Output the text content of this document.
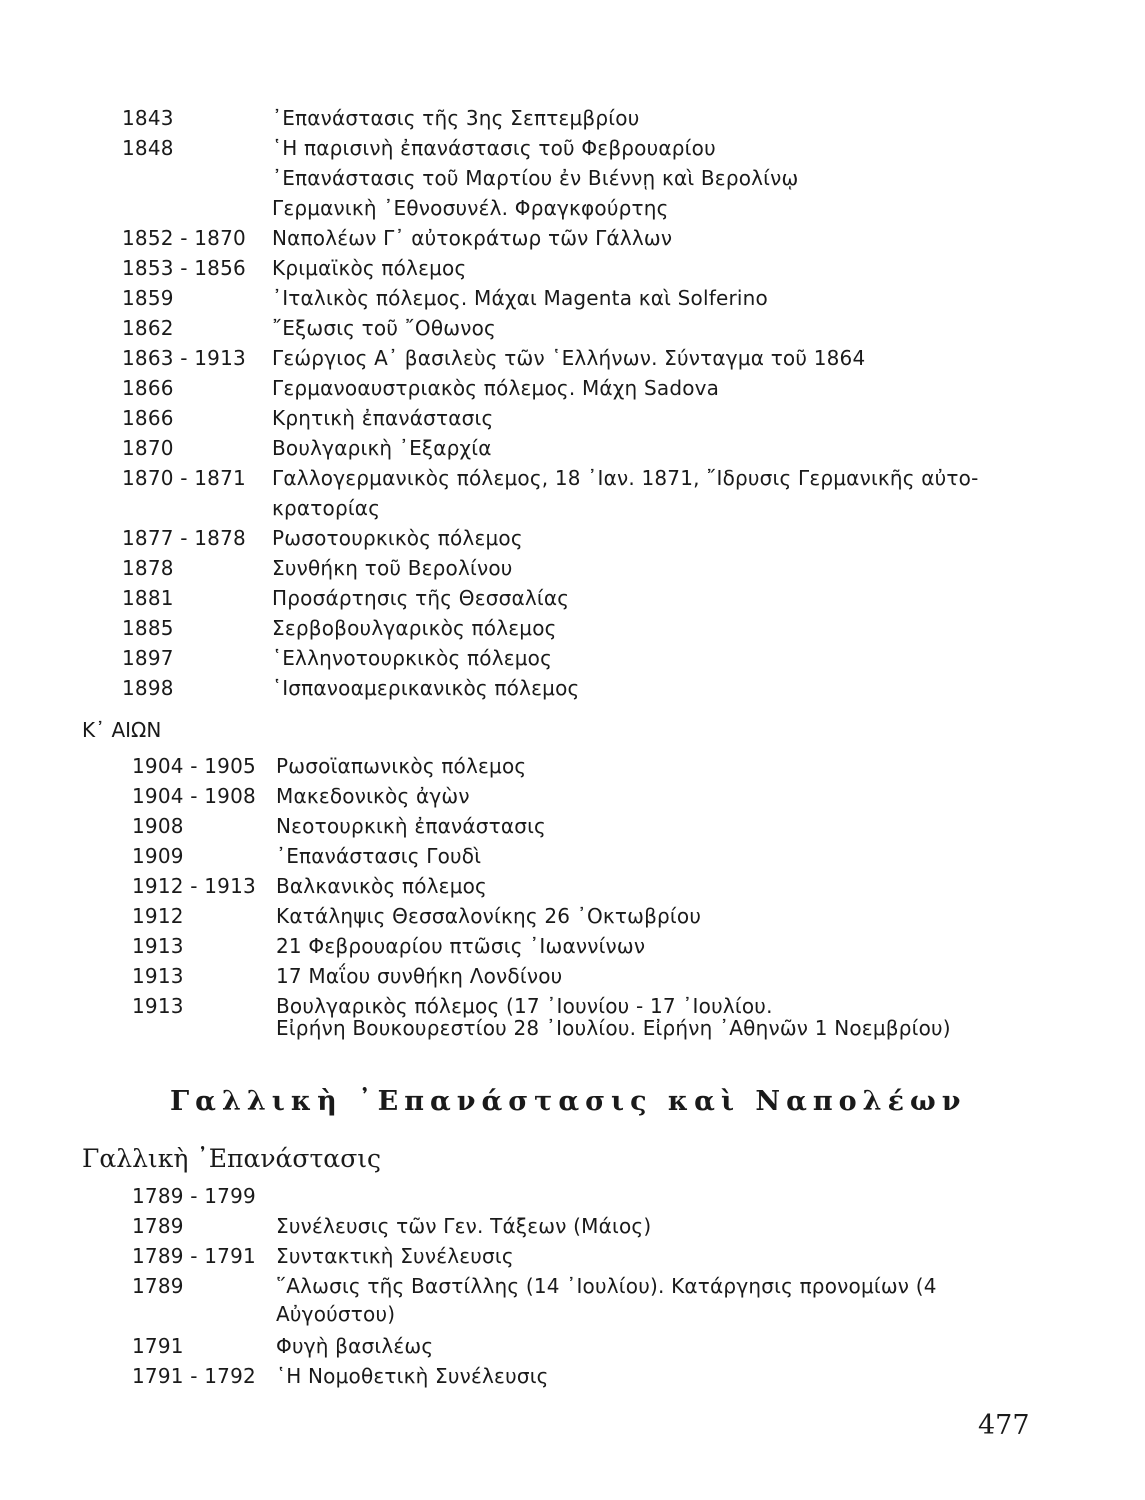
1843	᾽Επανάστασις τῆς 3ης Σεπτεμβρίου
1848	῾Η παρισινὴ ἐπανάστασις τοῦ Φεβρουαρίου
᾽Επανάστασις τοῦ Μαρτίου ἐν Βιέννῃ καὶ Βερολίνῳ
Γερμανικὴ ᾽Εθνοσυνέλ. Φραγκφούρτης
1852 - 1870	Ναπολέων Γ᾽ αὐτοκράτωρ τῶν Γάλλων
1853 - 1856	Κριμαϊκὸς πόλεμος
1859	᾽Ιταλικὸς πόλεμος. Μάχαι Magenta καὶ Solferino
1862	῎Εξωσις τοῦ ῎Οθωνος
1863 - 1913	Γεώργιος Α᾽ βασιλεὺς τῶν ῾Ελλήνων. Σύνταγμα τοῦ 1864
1866	Γερμανοαυστριακὸς πόλεμος. Μάχη Sadova
1866	Κρητικὴ ἐπανάστασις
1870	Βουλγαρικὴ ᾽Εξαρχία
1870 - 1871	Γαλλογερμανικὸς πόλεμος, 18 ᾽Ιαν. 1871, ῎Ιδρυσις Γερμανικῆς αὐτο-
κρατορίας
1877 - 1878	Ρωσοτουρκικὸς πόλεμος
1878	Συνθήκη τοῦ Βερολίνου
1881	Προσάρτησις τῆς Θεσσαλίας
1885	Σερβοβουλγαρικὸς πόλεμος
1897	῾Ελληνοτουρκικὸς πόλεμος
1898	῾Ισπανοαμερικανικὸς πόλεμος
Κ᾽ ΑΙΩΝ
1904 - 1905	Ρωσοϊαπωνικὸς πόλεμος
1904 - 1908	Μακεδονικὸς ἀγὼν
1908	Νεοτουρκικὴ ἐπανάστασις
1909	᾽Επανάστασις Γουδὶ
1912 - 1913	Βαλκανικὸς πόλεμος
1912	Κατάληψις Θεσσαλονίκης 26 ᾽Οκτωβρίου
1913	21 Φεβρουαρίου πτῶσις ᾽Ιωαννίνων
1913	17 Μαΐου συνθήκη Λονδίνου
1913	Βουλγαρικὸς πόλεμος (17 ᾽Ιουνίου - 17 ᾽Ιουλίου.
Εἰρήνη Βουκουρεστίου 28 ᾽Ιουλίου. Εἰρήνη ᾽Αθηνῶν 1 Νοεμβρίου)
Γαλλικὴ ᾽Επανάστασις καὶ Ναπολέων
Γαλλικὴ ᾽Επανάστασις
1789 - 1799
1789	Συνέλευσις τῶν Γεν. Τάξεων (Μάιος)
1789 - 1791	Συντακτικὴ Συνέλευσις
1789	῞Αλωσις τῆς Βαστίλλης (14 ᾽Ιουλίου). Κατάργησις προνομίων (4
Αὐγούστου)
1791	Φυγὴ βασιλέως
1791 - 1792	῾Η Νομοθετικὴ Συνέλευσις
477
